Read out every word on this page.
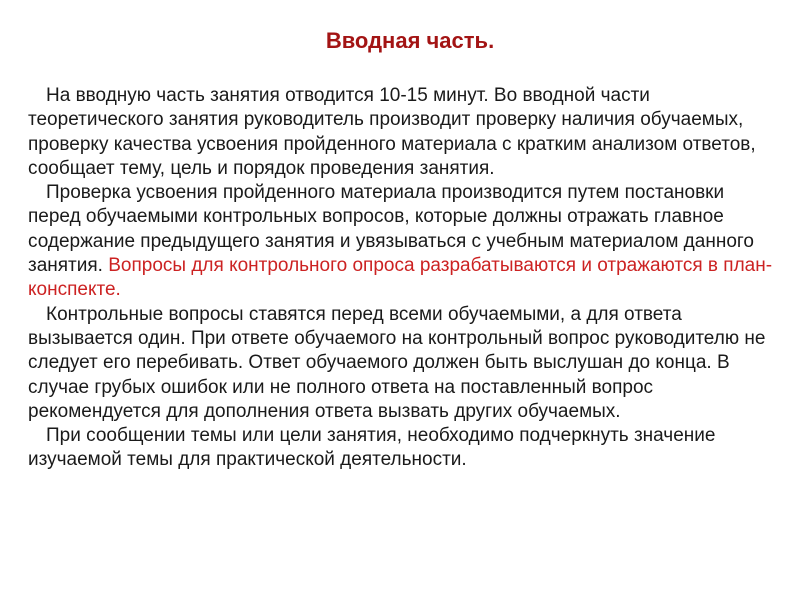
Вводная часть.

На вводную часть занятия отводится 10-15 минут. Во вводной части теоретического занятия руководитель производит проверку наличия обучаемых, проверку качества усвоения пройденного материала с кратким анализом ответов, сообщает тему, цель и порядок проведения занятия.

Проверка усвоения пройденного материала производится путем постановки перед обучаемыми контрольных вопросов, которые должны отражать главное содержание предыдущего занятия и увязываться с учебным материалом данного занятия. Вопросы для контрольного опроса разрабатываются и отражаются в план-конспекте.

Контрольные вопросы ставятся перед всеми обучаемыми, а для ответа вызывается один. При ответе обучаемого на контрольный вопрос руководителю не следует его перебивать. Ответ обучаемого должен быть выслушан до конца. В случае грубых ошибок или не полного ответа на поставленный вопрос рекомендуется для дополнения ответа вызвать других обучаемых.

При сообщении темы или цели занятия, необходимо подчеркнуть значение изучаемой темы для практической деятельности.
